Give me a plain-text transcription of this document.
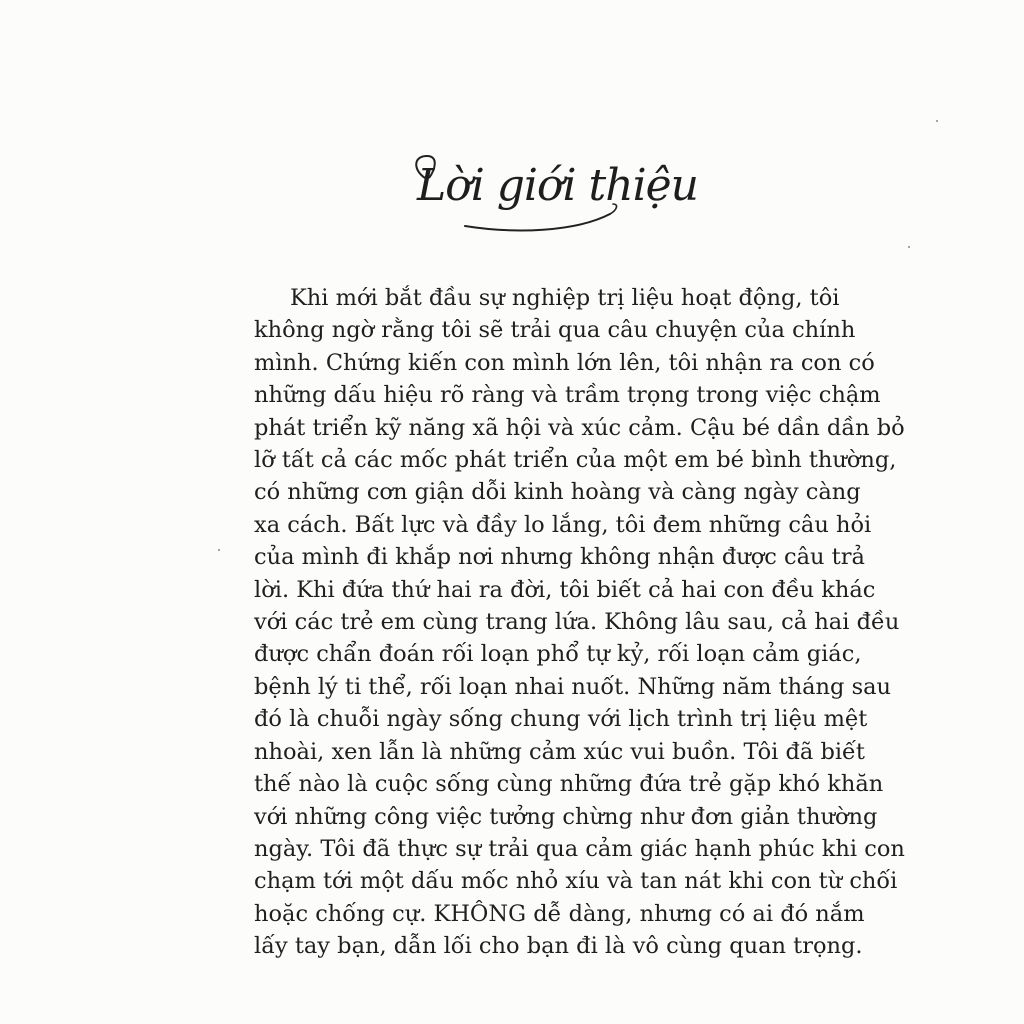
Lời giới thiệu

Khi mới bắt đầu sự nghiệp trị liệu hoạt động, tôi
không ngờ rằng tôi sẽ trải qua câu chuyện của chính
mình. Chứng kiến con mình lớn lên, tôi nhận ra con có
những dấu hiệu rõ ràng và trầm trọng trong việc chậm
phát triển kỹ năng xã hội và xúc cảm. Cậu bé dần dần bỏ
lỡ tất cả các mốc phát triển của một em bé bình thường,
có những cơn giận dỗi kinh hoàng và càng ngày càng
xa cách. Bất lực và đầy lo lắng, tôi đem những câu hỏi
của mình đi khắp nơi nhưng không nhận được câu trả
lời. Khi đứa thứ hai ra đời, tôi biết cả hai con đều khác
với các trẻ em cùng trang lứa. Không lâu sau, cả hai đều
được chẩn đoán rối loạn phổ tự kỷ, rối loạn cảm giác,
bệnh lý ti thể, rối loạn nhai nuốt. Những năm tháng sau
đó là chuỗi ngày sống chung với lịch trình trị liệu mệt
nhoài, xen lẫn là những cảm xúc vui buồn. Tôi đã biết
thế nào là cuộc sống cùng những đứa trẻ gặp khó khăn
với những công việc tưởng chừng như đơn giản thường
ngày. Tôi đã thực sự trải qua cảm giác hạnh phúc khi con
chạm tới một dấu mốc nhỏ xíu và tan nát khi con từ chối
hoặc chống cự. KHÔNG dễ dàng, nhưng có ai đó nắm
lấy tay bạn, dẫn lối cho bạn đi là vô cùng quan trọng.
